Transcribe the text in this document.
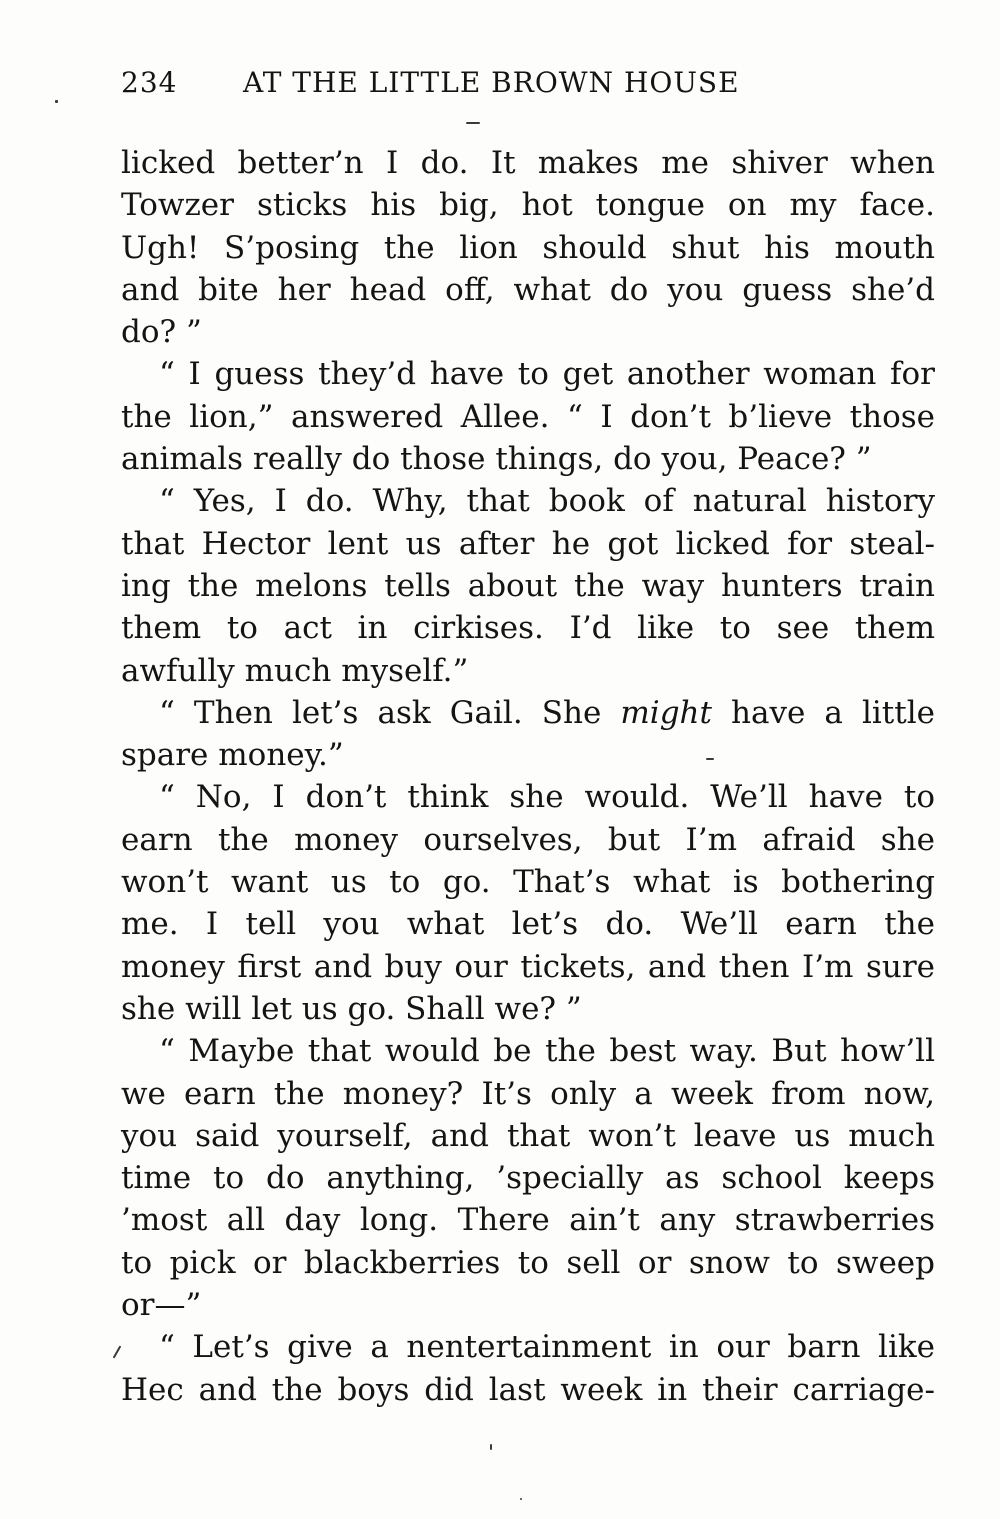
234 AT THE LITTLE BROWN HOUSE
licked better’n I do. It makes me shiver when
Towzer sticks his big, hot tongue on my face.
Ugh! S’posing the lion should shut his mouth
and bite her head off, what do you guess she’d
do? ”
“ I guess they’d have to get another woman for
the lion,” answered Allee. “ I don’t b’lieve those
animals really do those things, do you, Peace? ”
“ Yes, I do. Why, that book of natural history
that Hector lent us after he got licked for steal-
ing the melons tells about the way hunters train
them to act in cirkises. I’d like to see them
awfully much myself.”
“ Then let’s ask Gail. She might have a little
spare money.”
“ No, I don’t think she would. We’ll have to
earn the money ourselves, but I’m afraid she
won’t want us to go. That’s what is bothering
me. I tell you what let’s do. We’ll earn the
money first and buy our tickets, and then I’m sure
she will let us go. Shall we? ”
“ Maybe that would be the best way. But how’ll
we earn the money? It’s only a week from now,
you said yourself, and that won’t leave us much
time to do anything, ’specially as school keeps
’most all day long. There ain’t any strawberries
to pick or blackberries to sell or snow to sweep
or—”
“ Let’s give a nentertainment in our barn like
Hec and the boys did last week in their carriage-
